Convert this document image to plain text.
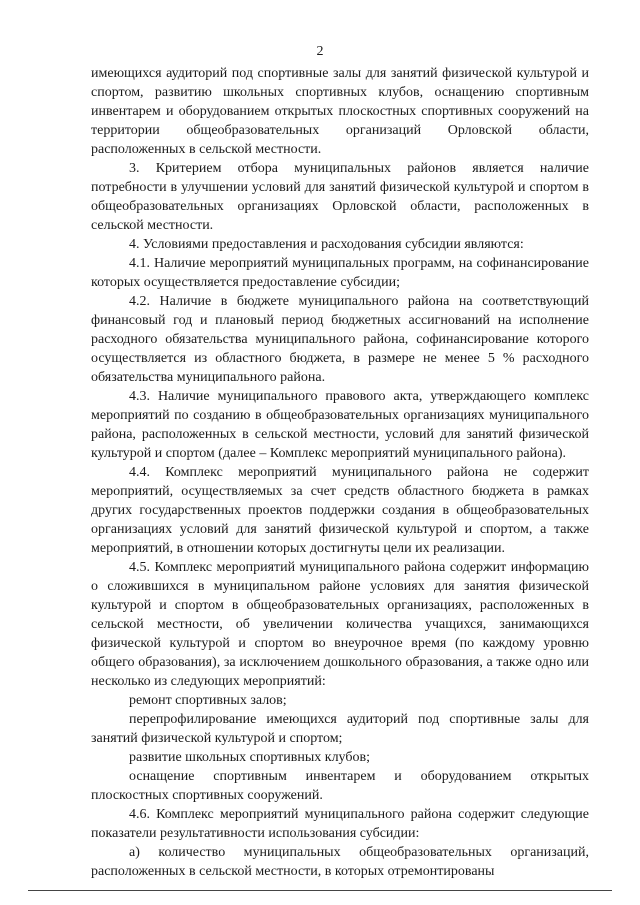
2

имеющихся аудиторий под спортивные залы для занятий физической культурой и спортом, развитию школьных спортивных клубов, оснащению спортивным инвентарем и оборудованием открытых плоскостных спортивных сооружений на территории общеобразовательных организаций Орловской области, расположенных в сельской местности.

3. Критерием отбора муниципальных районов является наличие потребности в улучшении условий для занятий физической культурой и спортом в общеобразовательных организациях Орловской области, расположенных в сельской местности.

4. Условиями предоставления и расходования субсидии являются:

4.1. Наличие мероприятий муниципальных программ, на софинансирование которых осуществляется предоставление субсидии;

4.2. Наличие в бюджете муниципального района на соответствующий финансовый год и плановый период бюджетных ассигнований на исполнение расходного обязательства муниципального района, софинансирование которого осуществляется из областного бюджета, в размере не менее 5 % расходного обязательства муниципального района.

4.3. Наличие муниципального правового акта, утверждающего комплекс мероприятий по созданию в общеобразовательных организациях муниципального района, расположенных в сельской местности, условий для занятий физической культурой и спортом (далее – Комплекс мероприятий муниципального района).

4.4. Комплекс мероприятий муниципального района не содержит мероприятий, осуществляемых за счет средств областного бюджета в рамках других государственных проектов поддержки создания в общеобразовательных организациях условий для занятий физической культурой и спортом, а также мероприятий, в отношении которых достигнуты цели их реализации.

4.5. Комплекс мероприятий муниципального района содержит информацию о сложившихся в муниципальном районе условиях для занятия физической культурой и спортом в общеобразовательных организациях, расположенных в сельской местности, об увеличении количества учащихся, занимающихся физической культурой и спортом во внеурочное время (по каждому уровню общего образования), за исключением дошкольного образования, а также одно или несколько из следующих мероприятий:

ремонт спортивных залов;

перепрофилирование имеющихся аудиторий под спортивные залы для занятий физической культурой и спортом;

развитие школьных спортивных клубов;

оснащение спортивным инвентарем и оборудованием открытых плоскостных спортивных сооружений.

4.6. Комплекс мероприятий муниципального района содержит следующие показатели результативности использования субсидии:

а) количество муниципальных общеобразовательных организаций, расположенных в сельской местности, в которых отремонтированы
